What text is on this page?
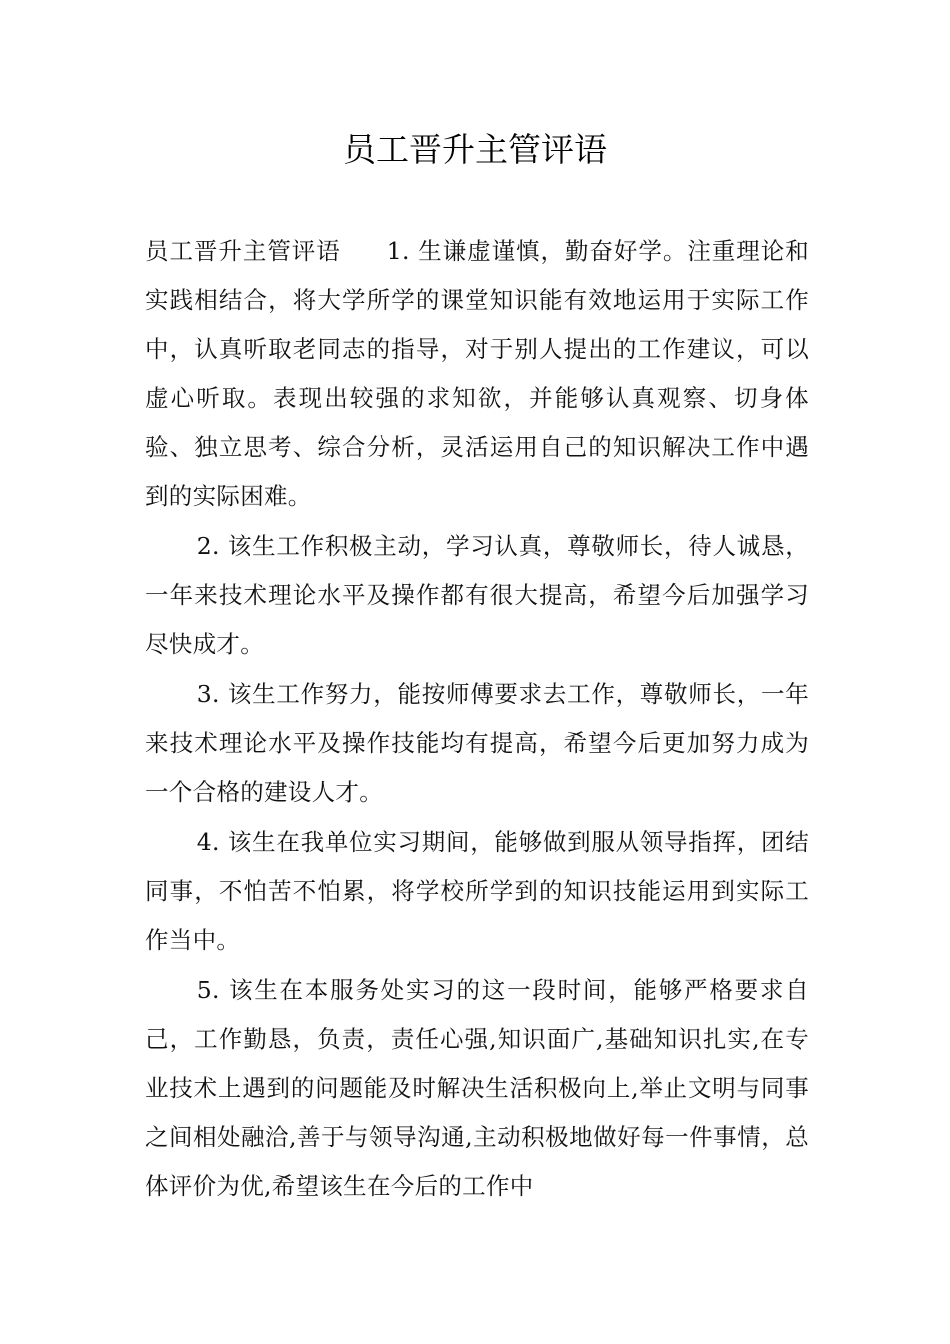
员工晋升主管评语

员工晋升主管评语 1. 生谦虚谨慎，勤奋好学。注重理论和实践相结合，将大学所学的课堂知识能有效地运用于实际工作中，认真听取老同志的指导，对于别人提出的工作建议，可以虚心听取。表现出较强的求知欲，并能够认真观察、切身体验、独立思考、综合分析，灵活运用自己的知识解决工作中遇到的实际困难。

2. 该生工作积极主动，学习认真，尊敬师长，待人诚恳，一年来技术理论水平及操作都有很大提高，希望今后加强学习尽快成才。

3. 该生工作努力，能按师傅要求去工作，尊敬师长，一年来技术理论水平及操作技能均有提高，希望今后更加努力成为一个合格的建设人才。

4. 该生在我单位实习期间，能够做到服从领导指挥，团结同事，不怕苦不怕累，将学校所学到的知识技能运用到实际工作当中。

5. 该生在本服务处实习的这一段时间，能够严格要求自己，工作勤恳，负责，责任心强,知识面广,基础知识扎实,在专业技术上遇到的问题能及时解决生活积极向上,举止文明与同事之间相处融洽,善于与领导沟通,主动积极地做好每一件事情，总体评价为优,希望该生在今后的工作中
